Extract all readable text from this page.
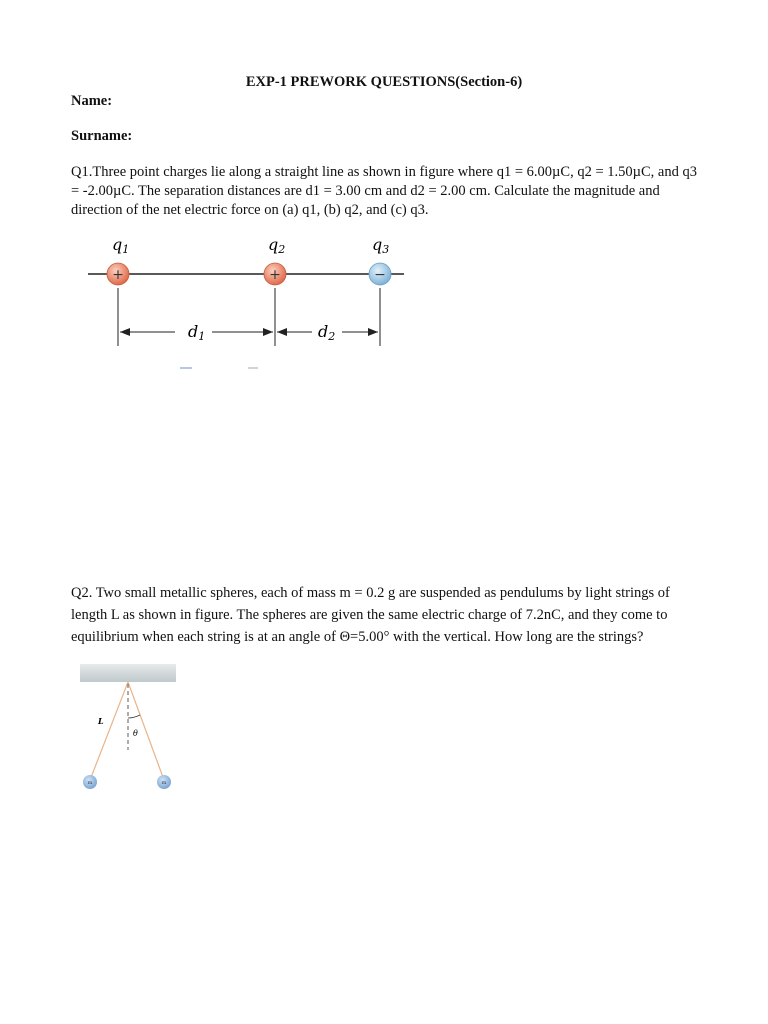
EXP-1 PREWORK QUESTIONS(Section-6)
Name:
Surname:
Q1.Three point charges lie along a straight line as shown in figure where q1 = 6.00µC, q2 = 1.50µC, and q3 = -2.00µC. The separation distances are d1 = 3.00 cm and d2 = 2.00 cm. Calculate the magnitude and direction of the net electric force on (a) q1, (b) q2, and (c) q3.
q1	q2	q3
+	+	−
d1	d2
Q2. Two small metallic spheres, each of mass m = 0.2 g are suspended as pendulums by light strings of length L as shown in figure. The spheres are given the same electric charge of 7.2nC, and they come to equilibrium when each string is at an angle of Θ=5.00° with the vertical. How long are the strings?
θ
L
m	m
